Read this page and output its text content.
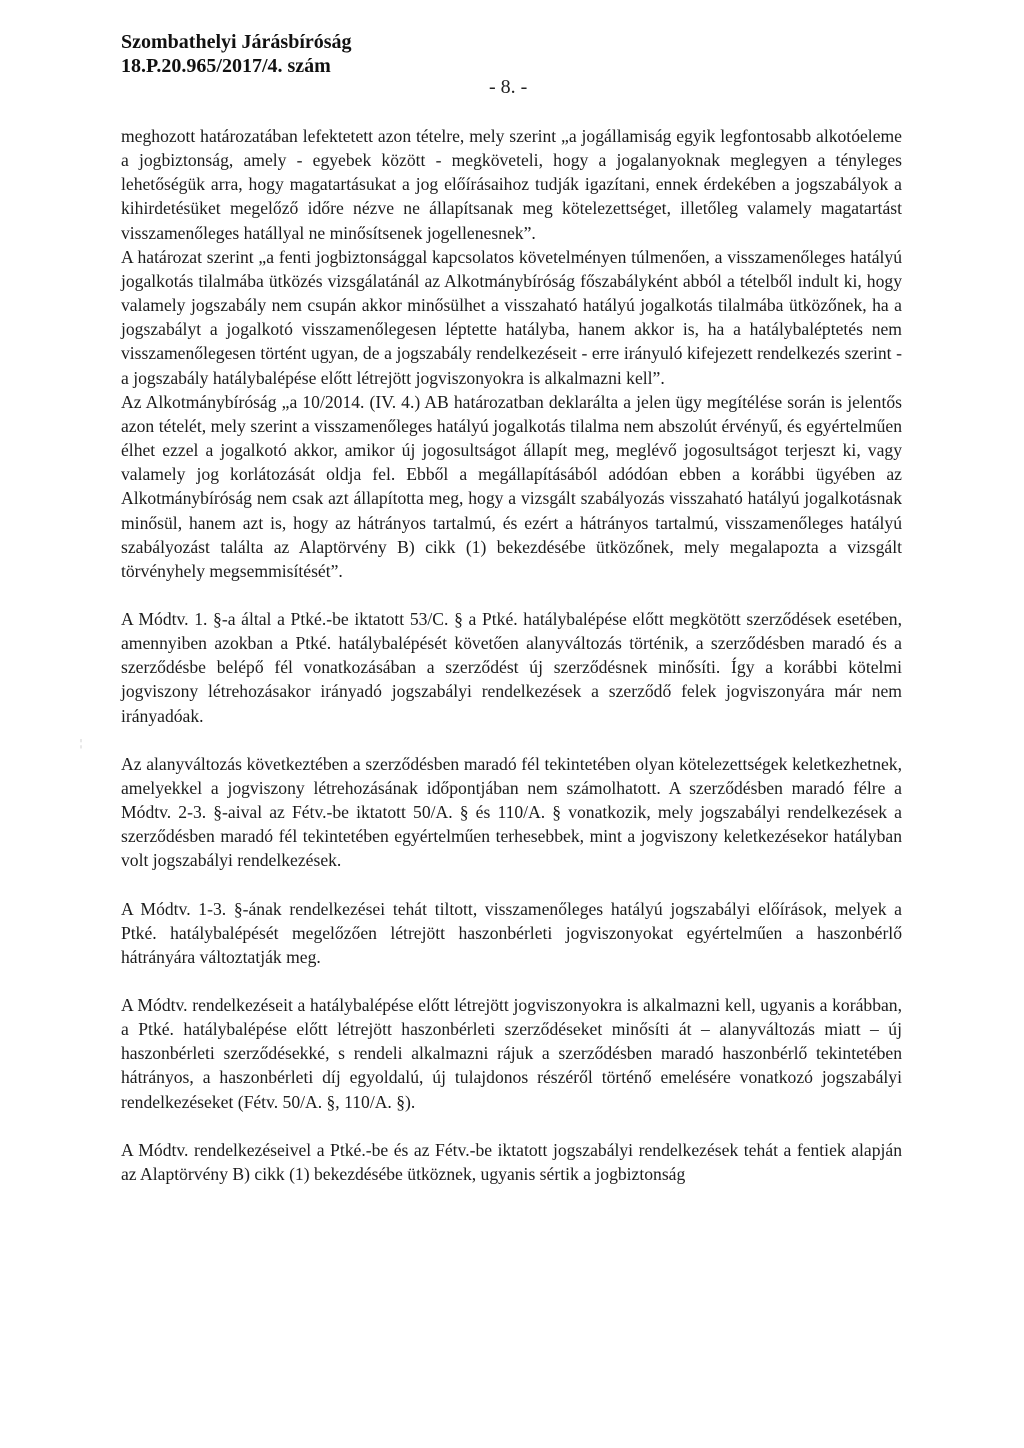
Szombathelyi Járásbíróság
18.P.20.965/2017/4. szám
- 8. -

meghozott határozatában lefektetett azon tételre, mely szerint „a jogállamiság egyik legfontosabb alkotóeleme a jogbiztonság, amely - egyebek között - megköveteli, hogy a jogalanyoknak meglegyen a tényleges lehetőségük arra, hogy magatartásukat a jog előírásaihoz tudják igazítani, ennek érdekében a jogszabályok a kihirdetésüket megelőző időre nézve ne állapítsanak meg kötelezettséget, illetőleg valamely magatartást visszamenőleges hatállyal ne minősítsenek jogellenesnek”.

A határozat szerint „a fenti jogbiztonsággal kapcsolatos követelményen túlmenően, a visszamenőleges hatályú jogalkotás tilalmába ütközés vizsgálatánál az Alkotmánybíróság főszabályként abból a tételből indult ki, hogy valamely jogszabály nem csupán akkor minősülhet a visszaható hatályú jogalkotás tilalmába ütközőnek, ha a jogszabályt a jogalkotó visszamenőlegesen léptette hatályba, hanem akkor is, ha a hatálybaléptetés nem visszamenőlegesen történt ugyan, de a jogszabály rendelkezéseit - erre irányuló kifejezett rendelkezés szerint - a jogszabály hatálybalépése előtt létrejött jogviszonyokra is alkalmazni kell”.

Az Alkotmánybíróság „a 10/2014. (IV. 4.) AB határozatban deklarálta a jelen ügy megítélése során is jelentős azon tételét, mely szerint a visszamenőleges hatályú jogalkotás tilalma nem abszolút érvényű, és egyértelműen élhet ezzel a jogalkotó akkor, amikor új jogosultságot állapít meg, meglévő jogosultságot terjeszt ki, vagy valamely jog korlátozását oldja fel. Ebből a megállapításából adódóan ebben a korábbi ügyében az Alkotmánybíróság nem csak azt állapította meg, hogy a vizsgált szabályozás visszaható hatályú jogalkotásnak minősül, hanem azt is, hogy az hátrányos tartalmú, és ezért a hátrányos tartalmú, visszamenőleges hatályú szabályozást találta az Alaptörvény B) cikk (1) bekezdésébe ütközőnek, mely megalapozta a vizsgált törvényhely megsemmisítését”.

A Módtv. 1. §-a által a Ptké.-be iktatott 53/C. § a Ptké. hatálybalépése előtt megkötött szerződések esetében, amennyiben azokban a Ptké. hatálybalépését követően alanyváltozás történik, a szerződésben maradó és a szerződésbe belépő fél vonatkozásában a szerződést új szerződésnek minősíti. Így a korábbi kötelmi jogviszony létrehozásakor irányadó jogszabályi rendelkezések a szerződő felek jogviszonyára már nem irányadóak.

Az alanyváltozás következtében a szerződésben maradó fél tekintetében olyan kötelezettségek keletkezhetnek, amelyekkel a jogviszony létrehozásának időpontjában nem számolhatott. A szerződésben maradó félre a Módtv. 2-3. §-aival az Fétv.-be iktatott 50/A. § és 110/A. § vonatkozik, mely jogszabályi rendelkezések a szerződésben maradó fél tekintetében egyértelműen terhesebbek, mint a jogviszony keletkezésekor hatályban volt jogszabályi rendelkezések.

A Módtv. 1-3. §-ának rendelkezései tehát tiltott, visszamenőleges hatályú jogszabályi előírások, melyek a Ptké. hatálybalépését megelőzően létrejött haszonbérleti jogviszonyokat egyértelműen a haszonbérlő hátrányára változtatják meg.

A Módtv. rendelkezéseit a hatálybalépése előtt létrejött jogviszonyokra is alkalmazni kell, ugyanis a korábban, a Ptké. hatálybalépése előtt létrejött haszonbérleti szerződéseket minősíti át – alanyváltozás miatt – új haszonbérleti szerződésekké, s rendeli alkalmazni rájuk a szerződésben maradó haszonbérlő tekintetében hátrányos, a haszonbérleti díj egyoldalú, új tulajdonos részéről történő emelésére vonatkozó jogszabályi rendelkezéseket (Fétv. 50/A. §, 110/A. §).

A Módtv. rendelkezéseivel a Ptké.-be és az Fétv.-be iktatott jogszabályi rendelkezések tehát a fentiek alapján az Alaptörvény B) cikk (1) bekezdésébe ütköznek, ugyanis sértik a jogbiztonság

¦
